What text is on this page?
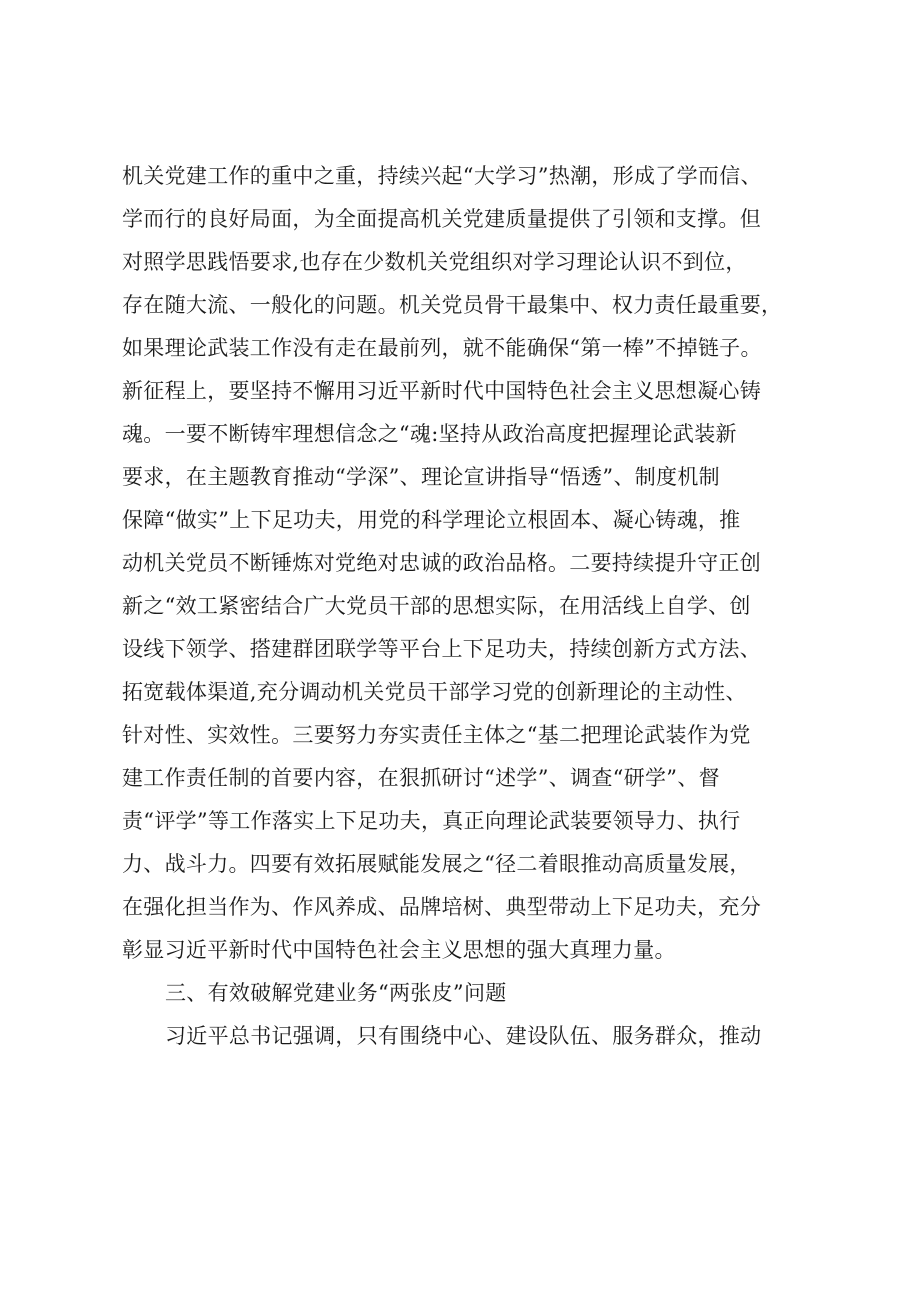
机关党建工作的重中之重，持续兴起“大学习”热潮，形成了学而信、
学而行的良好局面，为全面提高机关党建质量提供了引领和支撑。但
对照学思践悟要求,也存在少数机关党组织对学习理论认识不到位，
存在随大流、一般化的问题。机关党员骨干最集中、权力责任最重要，
如果理论武装工作没有走在最前列，就不能确保“第一棒”不掉链子。
新征程上，要坚持不懈用习近平新时代中国特色社会主义思想凝心铸
魂。一要不断铸牢理想信念之“魂:坚持从政治高度把握理论武装新
要求，在主题教育推动“学深”、理论宣讲指导“悟透”、制度机制
保障“做实”上下足功夫，用党的科学理论立根固本、凝心铸魂，推
动机关党员不断锤炼对党绝对忠诚的政治品格。二要持续提升守正创
新之“效工紧密结合广大党员干部的思想实际，在用活线上自学、创
设线下领学、搭建群团联学等平台上下足功夫，持续创新方式方法、
拓宽载体渠道,充分调动机关党员干部学习党的创新理论的主动性、
针对性、实效性。三要努力夯实责任主体之“基二把理论武装作为党
建工作责任制的首要内容，在狠抓研讨“述学”、调查“研学”、督
责“评学”等工作落实上下足功夫，真正向理论武装要领导力、执行
力、战斗力。四要有效拓展赋能发展之“径二着眼推动高质量发展，
在强化担当作为、作风养成、品牌培树、典型带动上下足功夫，充分
彰显习近平新时代中国特色社会主义思想的强大真理力量。
三、有效破解党建业务“两张皮”问题
习近平总书记强调，只有围绕中心、建设队伍、服务群众，推动
